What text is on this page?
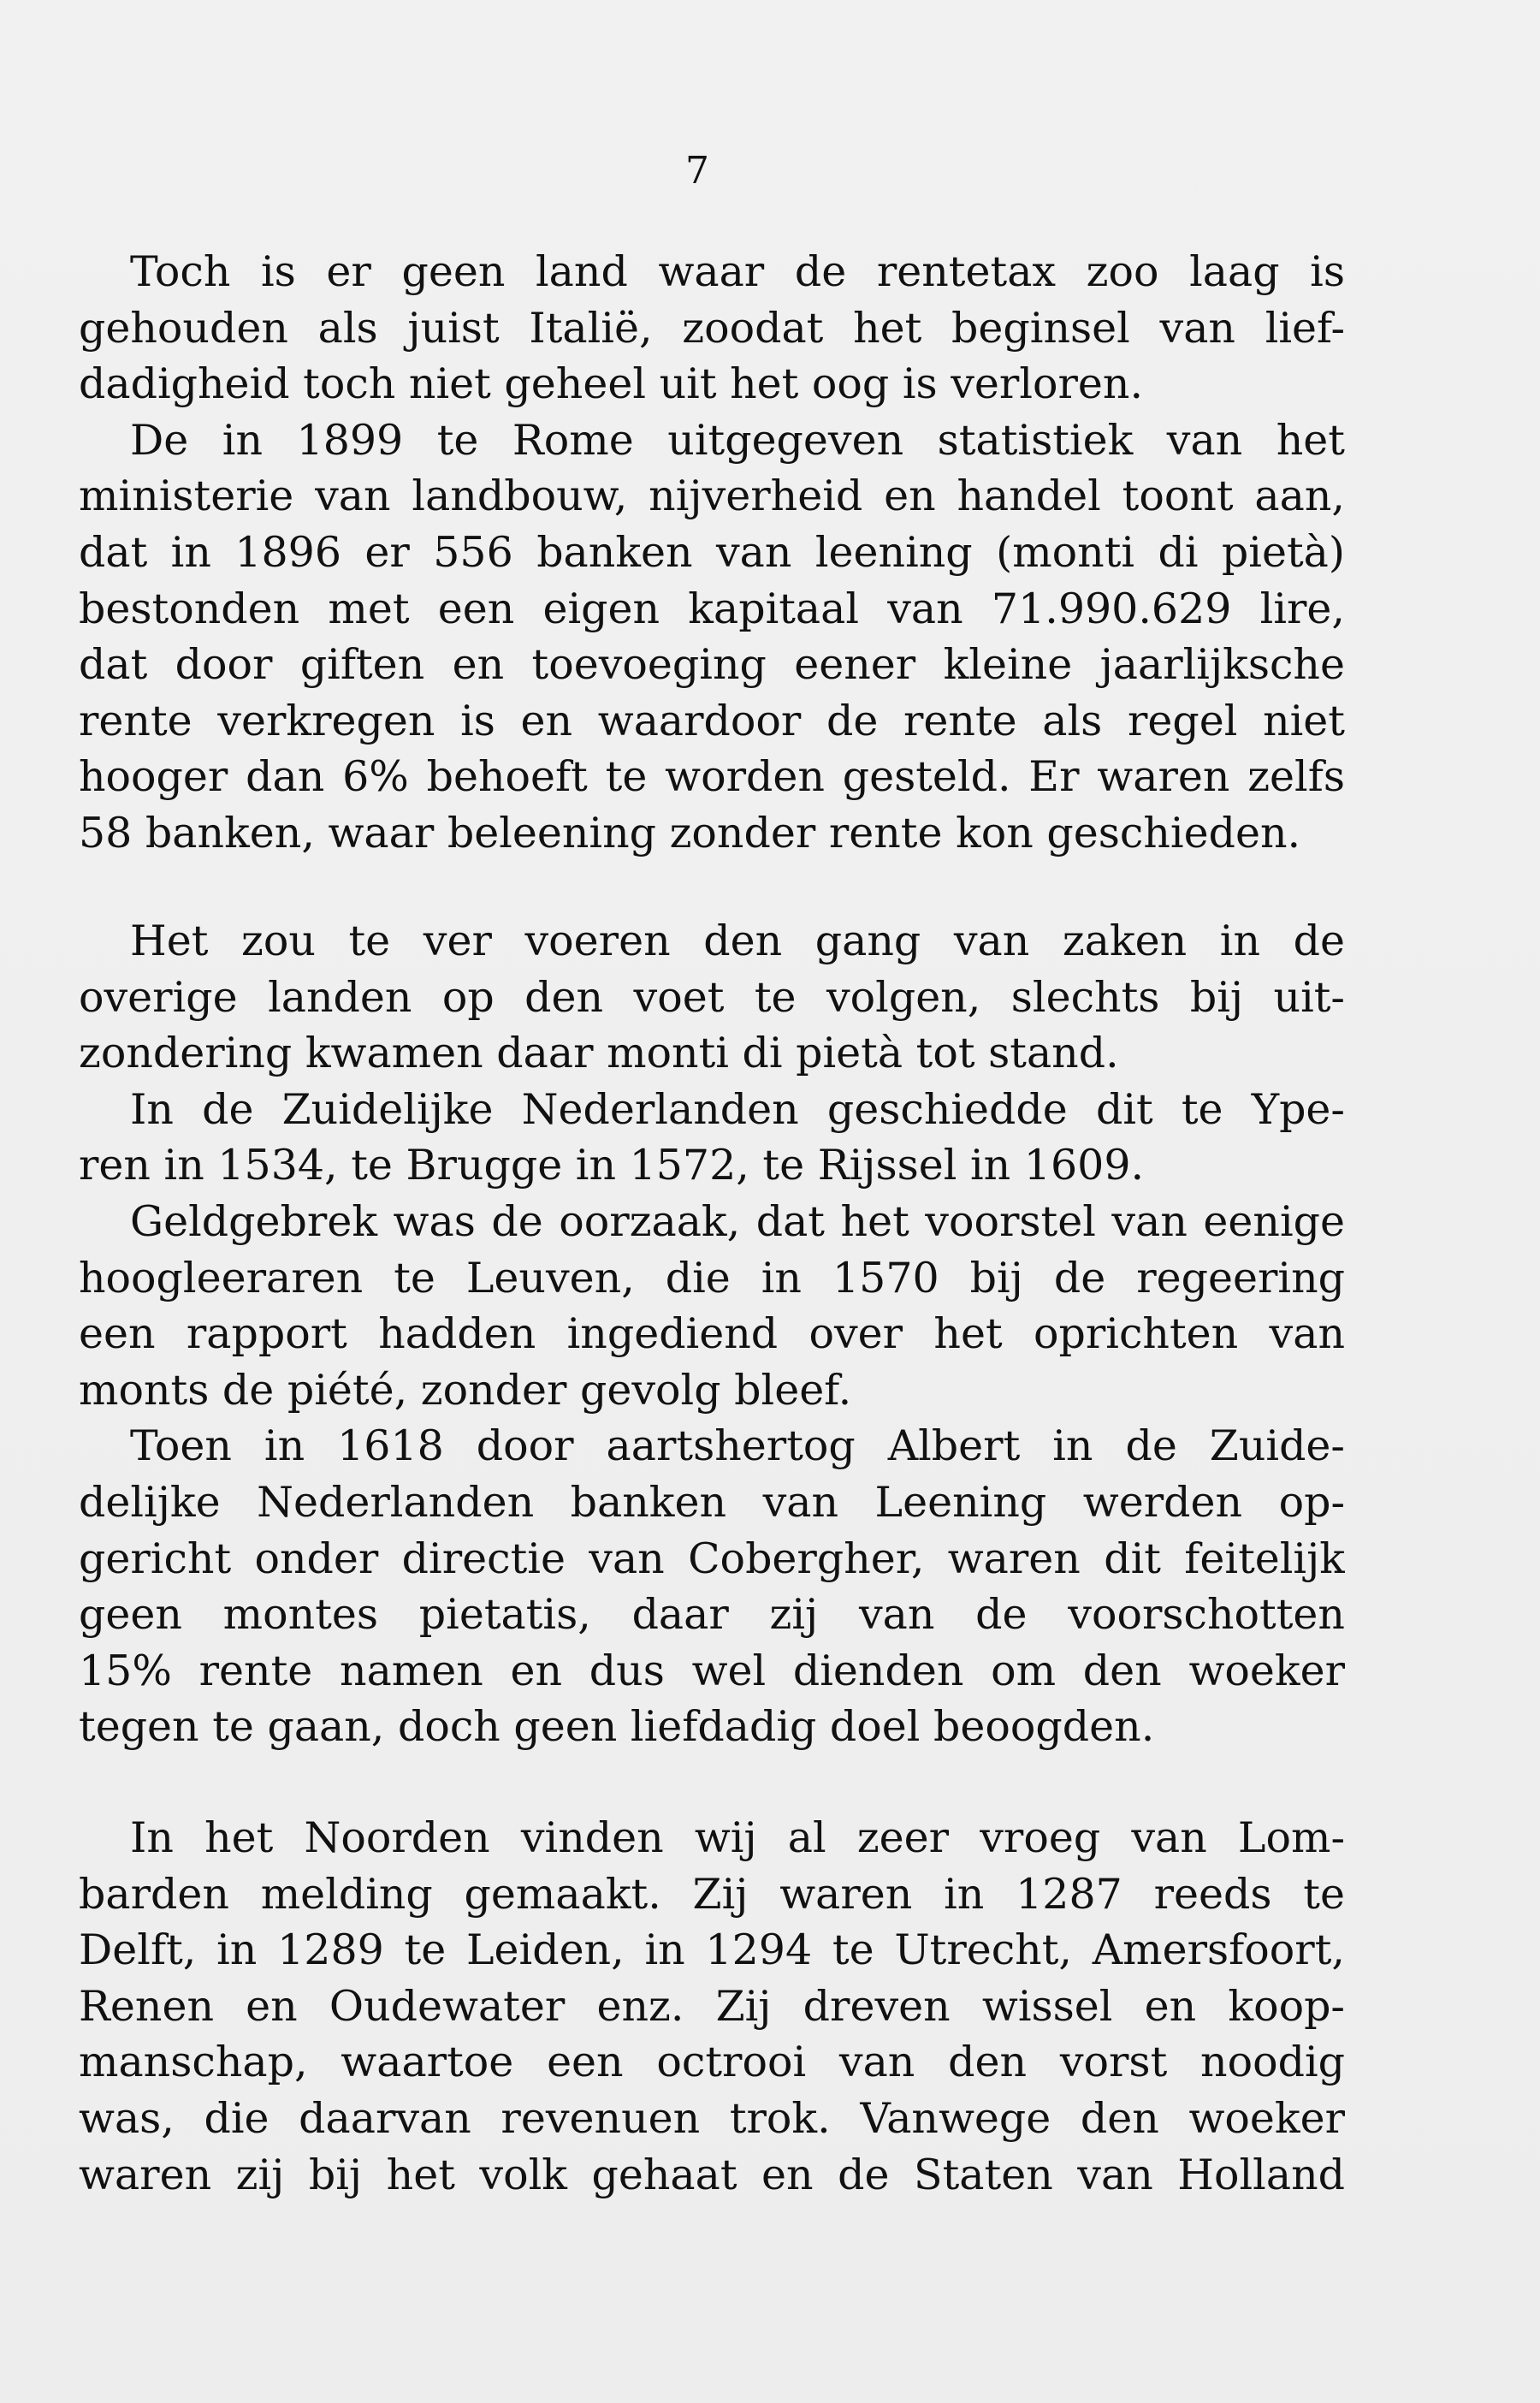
7
Toch is er geen land waar de rentetax zoo laag is
gehouden als juist Italië, zoodat het beginsel van lief-
dadigheid toch niet geheel uit het oog is verloren.
De in 1899 te Rome uitgegeven statistiek van het
ministerie van landbouw, nijverheid en handel toont aan,
dat in 1896 er 556 banken van leening (monti di pietà)
bestonden met een eigen kapitaal van 71.990.629 lire,
dat door giften en toevoeging eener kleine jaarlijksche
rente verkregen is en waardoor de rente als regel niet
hooger dan 6% behoeft te worden gesteld. Er waren zelfs
58 banken, waar beleening zonder rente kon geschieden.
Het zou te ver voeren den gang van zaken in de
overige landen op den voet te volgen, slechts bij uit-
zondering kwamen daar monti di pietà tot stand.
In de Zuidelijke Nederlanden geschiedde dit te Ype-
ren in 1534, te Brugge in 1572, te Rijssel in 1609.
Geldgebrek was de oorzaak, dat het voorstel van eenige
hoogleeraren te Leuven, die in 1570 bij de regeering
een rapport hadden ingediend over het oprichten van
monts de piété, zonder gevolg bleef.
Toen in 1618 door aartshertog Albert in de Zuide-
delijke Nederlanden banken van Leening werden op-
gericht onder directie van Cobergher, waren dit feitelijk
geen montes pietatis, daar zij van de voorschotten
15% rente namen en dus wel dienden om den woeker
tegen te gaan, doch geen liefdadig doel beoogden.
In het Noorden vinden wij al zeer vroeg van Lom-
barden melding gemaakt. Zij waren in 1287 reeds te
Delft, in 1289 te Leiden, in 1294 te Utrecht, Amersfoort,
Renen en Oudewater enz. Zij dreven wissel en koop-
manschap, waartoe een octrooi van den vorst noodig
was, die daarvan revenuen trok. Vanwege den woeker
waren zij bij het volk gehaat en de Staten van Holland
